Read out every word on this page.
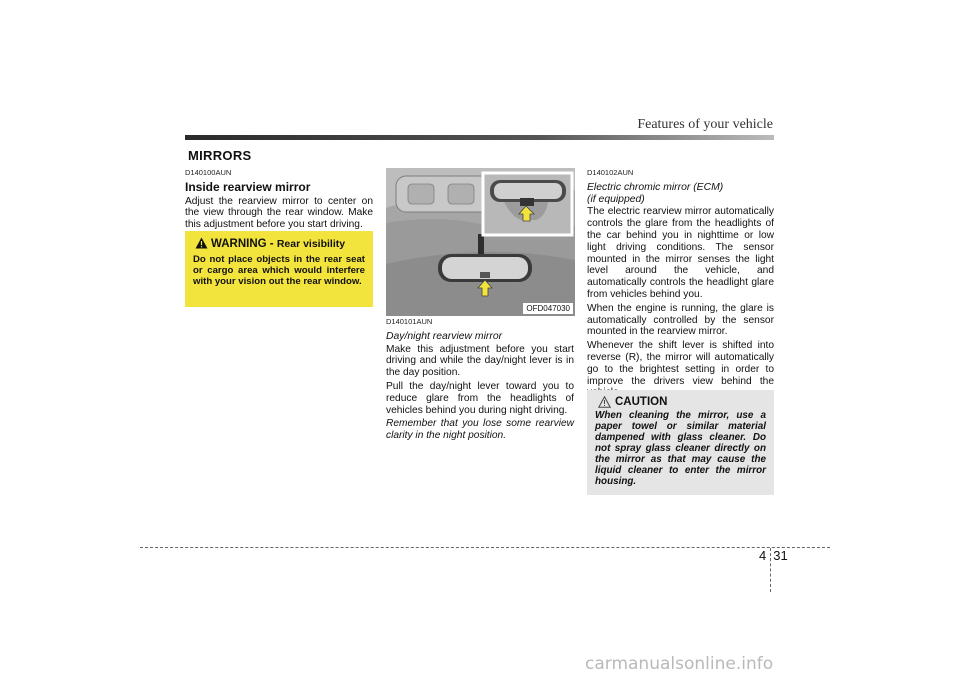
Features of your vehicle
MIRRORS
D140100AUN
Inside rearview mirror

Adjust the rearview mirror to center on the view through the rear window. Make this adjustment before you start driving.

WARNING - Rear visibility
Do not place objects in the rear seat or cargo area which would interfere with your vision out the rear window.
OFD047030
D140101AUN
Day/night rearview mirror

Make this adjustment before you start driving and while the day/night lever is in the day position.

Pull the day/night lever toward you to reduce glare from the headlights of vehicles behind you during night driving.

Remember that you lose some rearview clarity in the night position.

D140102AUN
Electric chromic mirror (ECM)
(if equipped)

The electric rearview mirror automatically controls the glare from the headlights of the car behind you in nighttime or low light driving conditions. The sensor mounted in the mirror senses the light level around the vehicle, and automatically controls the headlight glare from vehicles behind you.

When the engine is running, the glare is automatically controlled by the sensor mounted in the rearview mirror.

Whenever the shift lever is shifted into reverse (R), the mirror will automatically go to the brightest setting in order to improve the drivers view behind the

CAUTION
When cleaning the mirror, use a paper towel or similar material dampened with glass cleaner. Do not spray glass cleaner directly on the mirror as that may cause the liquid cleaner to enter the mirror housing.
4 31
carmanualsonline.info
